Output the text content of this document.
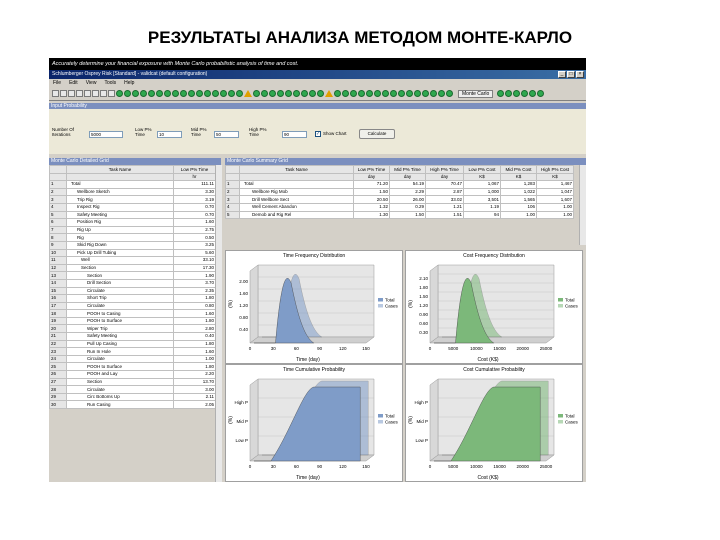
РЕЗУЛЬТАТЫ АНАЛИЗА МЕТОДОМ МОНТЕ-КАРЛО
Accurately determine your financial exposure with Monte Carlo probabilistic analysis of time and cost.
Schlumberger Osprey Risk [Standard] - validcat (default configuration)	_	□	×
File Edit View Tools Help
Monte Carlo
Input Probability
Number Of Iterations	5000
Low P% Time	10
Mid P% Time	50
High P% Time	90	✓ Show Chart	Calculate
Monte Carlo Detailed Grid
	Task Name	Low P% Time
		hr
1	Total	111.11
2	Wellbore Sketch	3.30
3	Trip Rig	3.19
4	Inspect Rig	0.70
5	Safety Meeting	0.70
6	Position Rig	1.60
7	Rig Up	2.75
8	Rig	0.50
9	Skid Rig Down	3.25
10	Pick Up Drill Tubing	5.60
11	Well	33.10
12	Section	17.30
13	Section	1.90
14	Drill Section	3.70
15	Circulate	2.35
16	Short Trip	1.80
17	Circulate	0.80
18	POOH to Casing	1.60
19	POOH to Surface	1.80
20	Wiper Trip	2.80
21	Safety Meeting	0.40
22	Pull Up Casing	1.80
23	Run In Hole	1.60
24	Circulate	1.00
25	POOH to Surface	1.80
26	POOH and Lay	2.20
27	Section	13.70
28	Circulate	3.00
29	Circ Bottoms Up	2.11
30	Run Casing	2.05
Monte Carlo Summary Grid
	Task Name	Low P% Time	Mid P% Time	High P% Time	Low P% Cost	Mid P% Cost	High P% Cost
		day	day	day	K$	K$	K$
1	Total	71.20	54.19	70.47	1,067	1,283	1,467
2	Wellbore Rig Mob	1.50	2.29	2.87	1,000	1,022	1,047
3	Drill Wellbore Sect	20.50	26.00	33.02	3,501	1,565	1,607
4	Well Cement Abandon	1.32	0.29	1.21	1.19	106	1.00
5	Demob and Rig Rel	1.30	1.50	1.51	94	1.00	1.00
Time Frequency Distribution
2.00
1.60
1.20
0.80
0.40
0	30	60	90	120	150
Time (day)
(%)
Total
Cases
Cost Frequency Distribution
2.10
1.80
1.50
1.20
0.90
0.60
0.30
0	5000	10000 15000 20000 25000
Cost (K$)
(%)
Total
Cases
Time Cumulative Probability
High P
Mid P
Low P
0	30	60	90	120	150
Time (day)
(%)
Total
Cases
Cost Cumulative Probability
High P
Mid P
Low P
0	5000	10000 15000 20000 25000
Cost (K$)
(%)
Total
Cases
